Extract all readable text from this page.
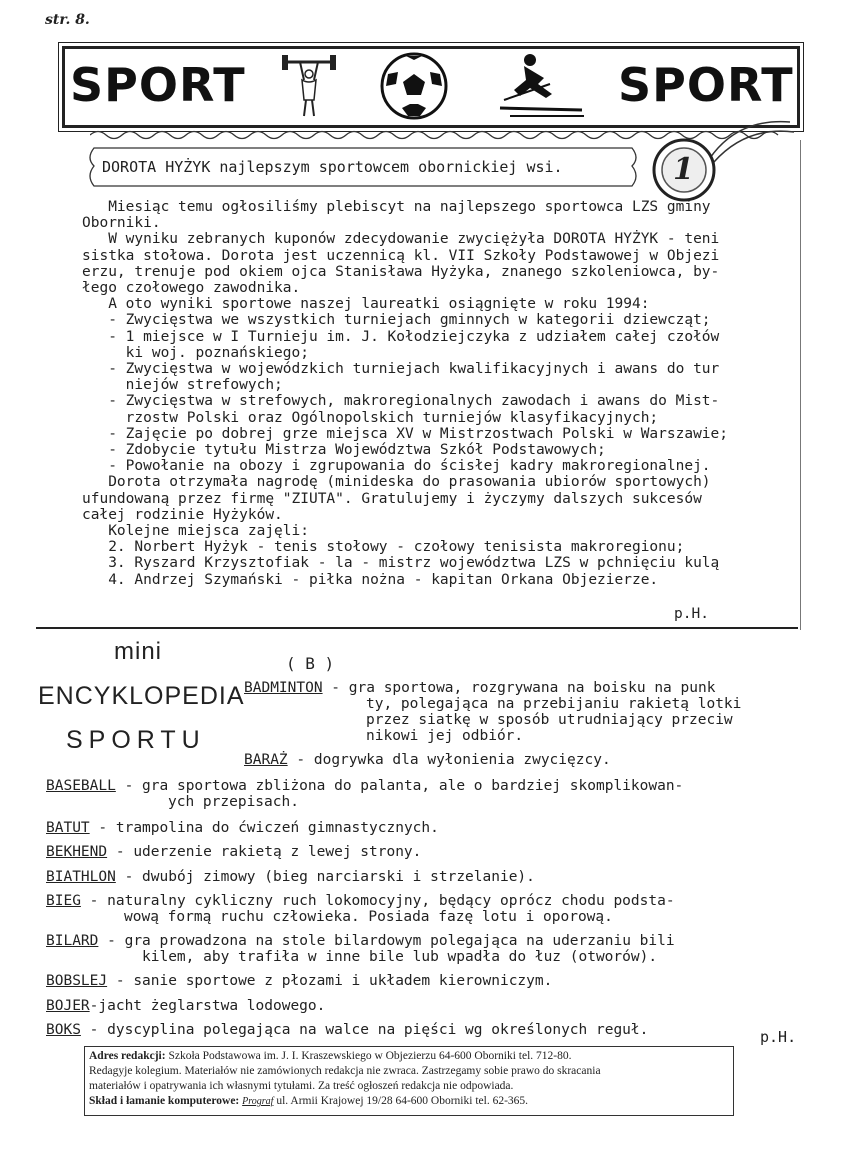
str. 8.
SPORT	SPORT
DOROTA HYŻYK najlepszym sportowcem obornickiej wsi.	1
Miesiąc temu ogłosiliśmy plebiscyt na najlepszego sportowca LZS gminy
Oborniki.
W wyniku zebranych kuponów zdecydowanie zwyciężyła DOROTA HYŻYK - teni
sistka stołowa. Dorota jest uczennicą kl. VII Szkoły Podstawowej w Objezi
erzu, trenuje pod okiem ojca Stanisława Hyżyka, znanego szkoleniowca, by-
łego czołowego zawodnika.
A oto wyniki sportowe naszej laureatki osiągnięte w roku 1994:
- Zwycięstwa we wszystkich turniejach gminnych w kategorii dziewcząt;
- 1 miejsce w I Turnieju im. J. Kołodziejczyka z udziałem całej czołów
ki woj. poznańskiego;
- Zwycięstwa w wojewódzkich turniejach kwalifikacyjnych i awans do tur
niejów strefowych;
- Zwycięstwa w strefowych, makroregionalnych zawodach i awans do Mist-
rzostw Polski oraz Ogólnopolskich turniejów klasyfikacyjnych;
- Zajęcie po dobrej grze miejsca XV w Mistrzostwach Polski w Warszawie;
- Zdobycie tytułu Mistrza Województwa Szkół Podstawowych;
- Powołanie na obozy i zgrupowania do ścisłej kadry makroregionalnej.
Dorota otrzymała nagrodę (minideska do prasowania ubiorów sportowych)
ufundowaną przez firmę "ZIUTA". Gratulujemy i życzymy dalszych sukcesów
całej rodzinie Hyżyków.
Kolejne miejsca zajęli:
2. Norbert Hyżyk - tenis stołowy - czołowy tenisista makroregionu;
3. Ryszard Krzysztofiak - la - mistrz województwa LZS w pchnięciu kulą
4. Andrzej Szymański - piłka nożna - kapitan Orkana Objezierze.
p.H.
mini
ENCYKLOPEDIA
SPORTU
( B )
BADMINTON - gra sportowa, rozgrywana na boisku na punk
ty, polegająca na przebijaniu rakietą lotki
przez siatkę w sposób utrudniający przeciw
nikowi jej odbiór.
BARAŻ - dogrywka dla wyłonienia zwycięzcy.
BASEBALL - gra sportowa zbliżona do palanta, ale o bardziej skomplikowan-
ych przepisach.
BATUT - trampolina do ćwiczeń gimnastycznych.
BEKHEND - uderzenie rakietą z lewej strony.
BIATHLON - dwubój zimowy (bieg narciarski i strzelanie).
BIEG - naturalny cykliczny ruch lokomocyjny, będący oprócz chodu podsta-
wową formą ruchu człowieka. Posiada fazę lotu i oporową.
BILARD - gra prowadzona na stole bilardowym polegająca na uderzaniu bili
kilem, aby trafiła w inne bile lub wpadła do łuz (otworów).
BOBSLEJ - sanie sportowe z płozami i układem kierowniczym.
BOJER-jacht żeglarstwa lodowego.
BOKS - dyscyplina polegająca na walce na pięści wg określonych reguł.	p.H.
Adres redakcji: Szkoła Podstawowa im. J. I. Kraszewskiego w Objezierzu 64-600 Oborniki tel. 712-80.
Redagује kolegium. Materiałów nie zamówionych redakcja nie zwraca. Zastrzegamy sobie prawo do skracania
materiałów i opatrywania ich własnymi tytułami. Za treść ogłoszeń redakcja nie odpowiada.
Skład i łamanie komputerowe: Prograf ul. Armii Krajowej 19/28 64-600 Oborniki tel. 62-365.
